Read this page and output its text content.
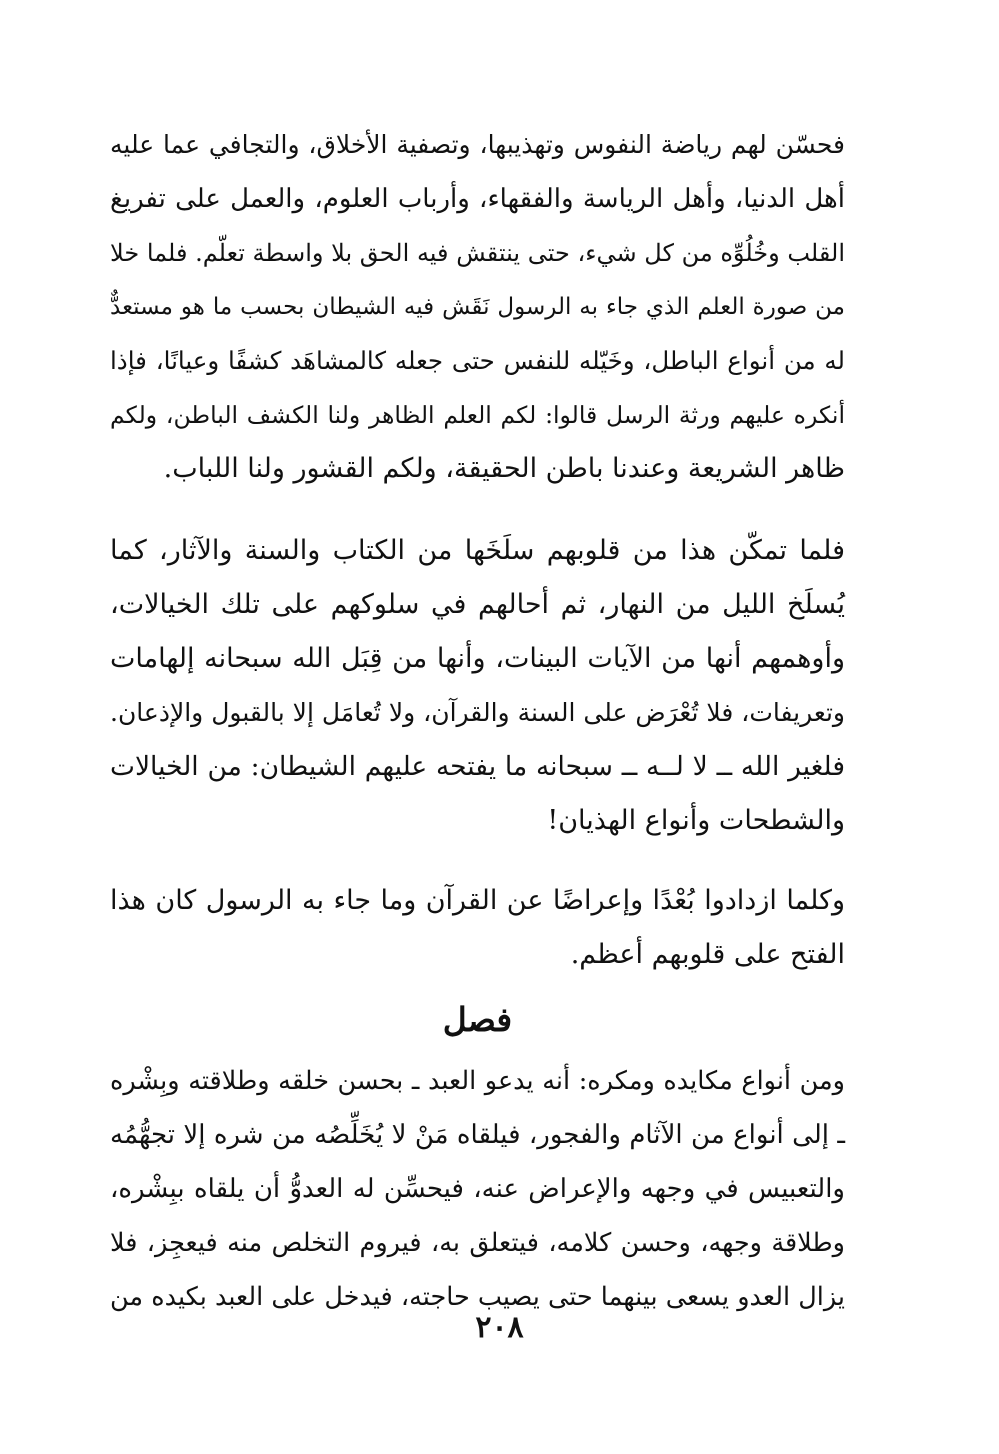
فحسّن لهم رياضة النفوس وتهذيبها، وتصفية الأخلاق، والتجافي عما عليه
أهل الدنيا، وأهل الرياسة والفقهاء، وأرباب العلوم، والعمل على تفريغ
القلب وخُلُوِّه من كل شيء، حتى ينتقش فيه الحق بلا واسطة تعلّم. فلما خلا
من صورة العلم الذي جاء به الرسول نَقَش فيه الشيطان بحسب ما هو مستعدٌّ
له من أنواع الباطل، وخَيّله للنفس حتى جعله كالمشاهَد كشفًا وعيانًا، فإذا
أنكره عليهم ورثة الرسل قالوا: لكم العلم الظاهر ولنا الكشف الباطن، ولكم
ظاهر الشريعة وعندنا باطن الحقيقة، ولكم القشور ولنا اللباب.
فلما تمكّن هذا من قلوبهم سلَخَها من الكتاب والسنة والآثار، كما
يُسلَخ الليل من النهار، ثم أحالهم في سلوكهم على تلك الخيالات،
وأوهمهم أنها من الآيات البينات، وأنها من قِبَل الله سبحانه إلهامات
وتعريفات، فلا تُعْرَض على السنة والقرآن، ولا تُعامَل إلا بالقبول والإذعان.
فلغير الله ــ لا لــه ــ سبحانه ما يفتحه عليهم الشيطان: من الخيالات
والشطحات وأنواع الهذيان!
وكلما ازدادوا بُعْدًا وإعراضًا عن القرآن وما جاء به الرسول كان هذا
الفتح على قلوبهم أعظم.
فصل
ومن أنواع مكايده ومكره: أنه يدعو العبد ـ بحسن خلقه وطلاقته وبِشْره
ـ إلى أنواع من الآثام والفجور، فيلقاه مَنْ لا يُخَلِّصُه من شره إلا تجهُّمُه
والتعبيس في وجهه والإعراض عنه، فيحسِّن له العدوُّ أن يلقاه ببِشْره،
وطلاقة وجهه، وحسن كلامه، فيتعلق به، فيروم التخلص منه فيعجِز، فلا
يزال العدو يسعى بينهما حتى يصيب حاجته، فيدخل على العبد بكيده من
٢٠٨
